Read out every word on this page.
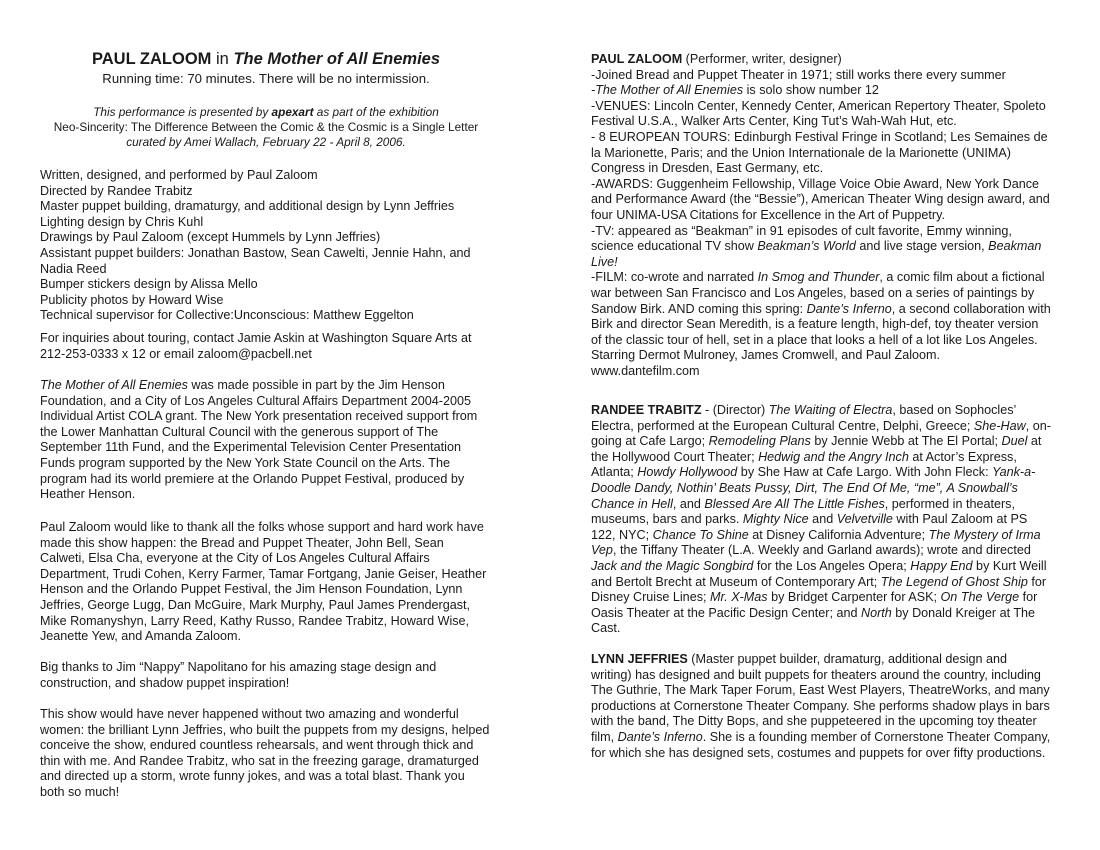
PAUL ZALOOM in The Mother of All Enemies
Running time: 70 minutes. There will be no intermission.
This performance is presented by apexart as part of the exhibition
Neo-Sincerity: The Difference Between the Comic & the Cosmic is a Single Letter
curated by Amei Wallach, February 22 - April 8, 2006.

Written, designed, and performed by Paul Zaloom

Directed by Randee Trabitz

Master puppet building, dramaturgy, and additional design by Lynn Jeffries

Lighting design by Chris Kuhl

Drawings by Paul Zaloom (except Hummels by Lynn Jeffries)

Assistant puppet builders: Jonathan Bastow, Sean Cawelti, Jennie Hahn, and Nadia Reed

Bumper stickers design by Alissa Mello

Publicity photos by Howard Wise

Technical supervisor for Collective:Unconscious: Matthew Eggelton

For inquiries about touring, contact Jamie Askin at Washington Square Arts at 212-253-0333 x 12 or email zaloom@pacbell.net

The Mother of All Enemies was made possible in part by the Jim Henson Foundation, and a City of Los Angeles Cultural Affairs Department 2004-2005 Individual Artist COLA grant. The New York presentation received support from the Lower Manhattan Cultural Council with the generous support of The September 11th Fund, and the Experimental Television Center Presentation Funds program supported by the New York State Council on the Arts. The program had its world premiere at the Orlando Puppet Festival, produced by Heather Henson.

Paul Zaloom would like to thank all the folks whose support and hard work have made this show happen: the Bread and Puppet Theater, John Bell, Sean Calweti, Elsa Cha, everyone at the City of Los Angeles Cultural Affairs Department, Trudi Cohen, Kerry Farmer, Tamar Fortgang, Janie Geiser, Heather Henson and the Orlando Puppet Festival, the Jim Henson Foundation, Lynn Jeffries, George Lugg, Dan McGuire, Mark Murphy, Paul James Prendergast, Mike Romanyshyn, Larry Reed, Kathy Russo, Randee Trabitz, Howard Wise, Jeanette Yew, and Amanda Zaloom.

Big thanks to Jim “Nappy” Napolitano for his amazing stage design and construction, and shadow puppet inspiration!

This show would have never happened without two amazing and wonderful women: the brilliant Lynn Jeffries, who built the puppets from my designs, helped conceive the show, endured countless rehearsals, and went through thick and thin with me. And Randee Trabitz, who sat in the freezing garage, dramaturged and directed up a storm, wrote funny jokes, and was a total blast. Thank you both so much!

PAUL ZALOOM (Performer, writer, designer)

-Joined Bread and Puppet Theater in 1971; still works there every summer

-The Mother of All Enemies is solo show number 12

-VENUES: Lincoln Center, Kennedy Center, American Repertory Theater, Spoleto Festival U.S.A., Walker Arts Center, King Tut’s Wah-Wah Hut, etc.

- 8 EUROPEAN TOURS: Edinburgh Festival Fringe in Scotland; Les Semaines de la Marionette, Paris; and the Union Internationale de la Marionette (UNIMA) Congress in Dresden, East Germany, etc.

-AWARDS: Guggenheim Fellowship, Village Voice Obie Award, New York Dance and Performance Award (the “Bessie”), American Theater Wing design award, and four UNIMA-USA Citations for Excellence in the Art of Puppetry.

-TV: appeared as “Beakman” in 91 episodes of cult favorite, Emmy winning, science educational TV show Beakman’s World and live stage version, Beakman Live!

-FILM: co-wrote and narrated In Smog and Thunder, a comic film about a fictional war between San Francisco and Los Angeles, based on a series of paintings by Sandow Birk. AND coming this spring: Dante’s Inferno, a second collaboration with Birk and director Sean Meredith, is a feature length, high-def, toy theater version of the classic tour of hell, set in a place that looks a hell of a lot like Los Angeles. Starring Dermot Mulroney, James Cromwell, and Paul Zaloom. www.dantefilm.com

RANDEE TRABITZ - (Director) The Waiting of Electra, based on Sophocles’ Electra, performed at the European Cultural Centre, Delphi, Greece; She-Haw, on-going at Cafe Largo; Remodeling Plans by Jennie Webb at The El Portal; Duel at the Hollywood Court Theater; Hedwig and the Angry Inch at Actor’s Express, Atlanta; Howdy Hollywood by She Haw at Cafe Largo. With John Fleck: Yank-a-Doodle Dandy, Nothin’ Beats Pussy, Dirt, The End Of Me, “me”, A Snowball’s Chance in Hell, and Blessed Are All The Little Fishes, performed in theaters, museums, bars and parks. Mighty Nice and Velvetville with Paul Zaloom at PS 122, NYC; Chance To Shine at Disney California Adventure; The Mystery of Irma Vep, the Tiffany Theater (L.A. Weekly and Garland awards); wrote and directed Jack and the Magic Songbird for the Los Angeles Opera; Happy End by Kurt Weill and Bertolt Brecht at Museum of Contemporary Art; The Legend of Ghost Ship for Disney Cruise Lines; Mr. X-Mas by Bridget Carpenter for ASK; On The Verge for Oasis Theater at the Pacific Design Center; and North by Donald Kreiger at The Cast.

LYNN JEFFRIES (Master puppet builder, dramaturg, additional design and writing) has designed and built puppets for theaters around the country, including The Guthrie, The Mark Taper Forum, East West Players, TheatreWorks, and many productions at Cornerstone Theater Company. She performs shadow plays in bars with the band, The Ditty Bops, and she puppeteered in the upcoming toy theater film, Dante’s Inferno. She is a founding member of Cornerstone Theater Company, for which she has designed sets, costumes and puppets for over fifty productions.
